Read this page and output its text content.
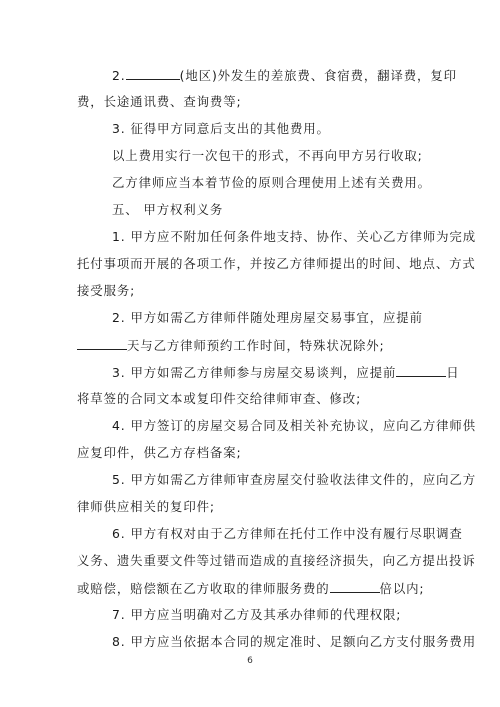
2.	(地区)外发生的差旅费、食宿费，翻译费，复印

费，长途通讯费、查询费等;

3. 征得甲方同意后支出的其他费用。

以上费用实行一次包干的形式，不再向甲方另行收取;

乙方律师应当本着节俭的原则合理使用上述有关费用。

五、 甲方权利义务

1. 甲方应不附加任何条件地支持、协作、关心乙方律师为完成

托付事项而开展的各项工作，并按乙方律师提出的时间、地点、方式

接受服务;

2. 甲方如需乙方律师伴随处理房屋交易事宜，应提前

天与乙方律师预约工作时间，特殊状况除外;

3. 甲方如需乙方律师参与房屋交易谈判，应提前	日

将草签的合同文本或复印件交给律师审查、修改;

4. 甲方签订的房屋交易合同及相关补充协议，应向乙方律师供

应复印件，供乙方存档备案;

5. 甲方如需乙方律师审查房屋交付验收法律文件的，应向乙方

律师供应相关的复印件;

6. 甲方有权对由于乙方律师在托付工作中没有履行尽职调查

义务、遗失重要文件等过错而造成的直接经济损失，向乙方提出投诉

或赔偿，赔偿额在乙方收取的律师服务费的	倍以内;

7. 甲方应当明确对乙方及其承办律师的代理权限;

8. 甲方应当依据本合同的规定准时、足额向乙方支付服务费用

6
